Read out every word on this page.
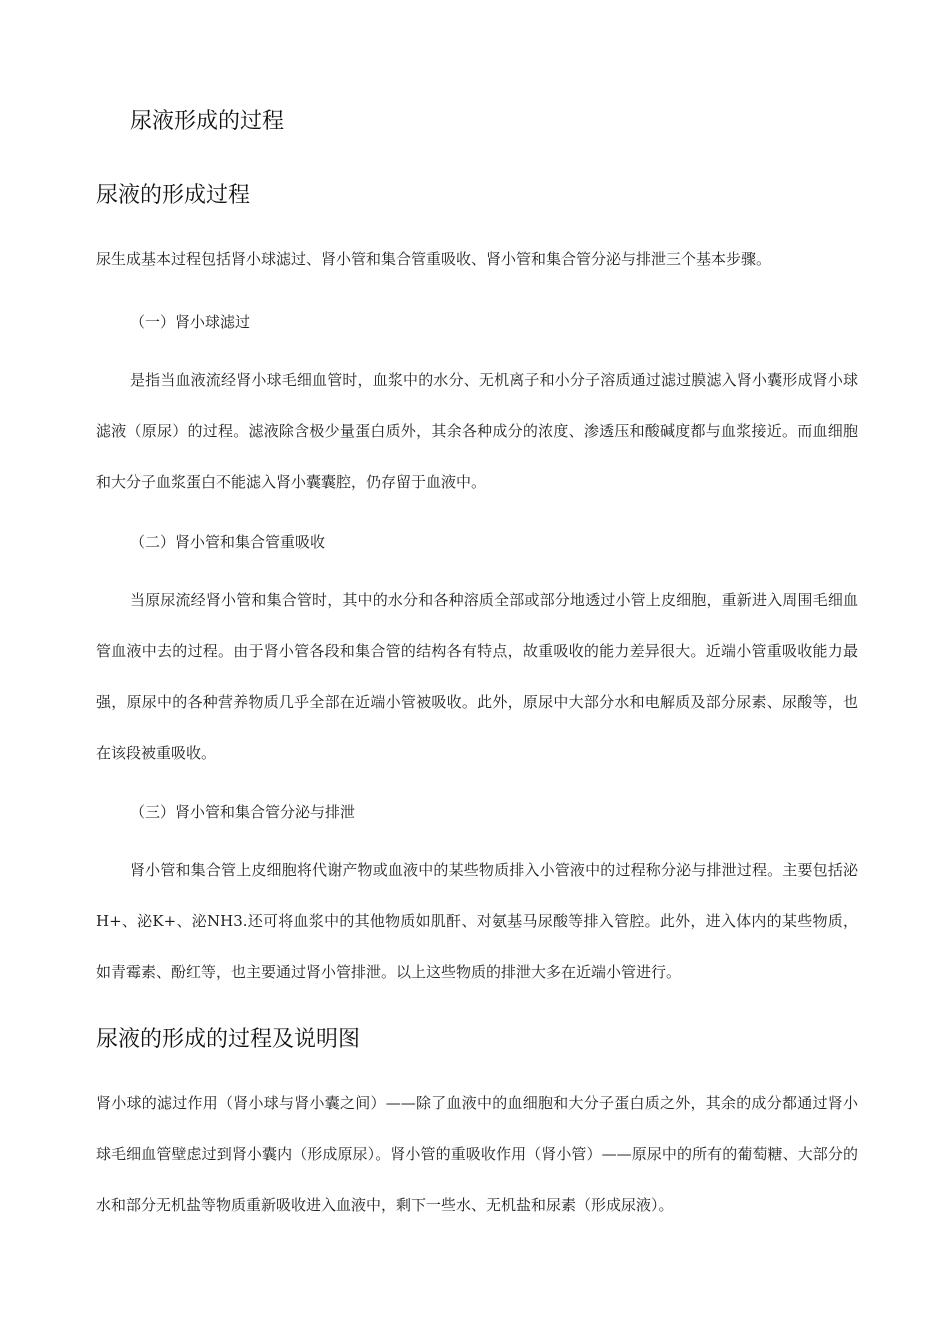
尿液形成的过程
尿液的形成过程

尿生成基本过程包括肾小球滤过、肾小管和集合管重吸收、肾小管和集合管分泌与排泄三个基本步骤。

（一）肾小球滤过

是指当血液流经肾小球毛细血管时，血浆中的水分、无机离子和小分子溶质通过滤过膜滤入肾小囊形成肾小球滤液（原尿）的过程。滤液除含极少量蛋白质外，其余各种成分的浓度、渗透压和酸碱度都与血浆接近。而血细胞和大分子血浆蛋白不能滤入肾小囊囊腔，仍存留于血液中。

（二）肾小管和集合管重吸收

当原尿流经肾小管和集合管时，其中的水分和各种溶质全部或部分地透过小管上皮细胞，重新进入周围毛细血管血液中去的过程。由于肾小管各段和集合管的结构各有特点，故重吸收的能力差异很大。近端小管重吸收能力最强，原尿中的各种营养物质几乎全部在近端小管被吸收。此外，原尿中大部分水和电解质及部分尿素、尿酸等，也在该段被重吸收。

（三）肾小管和集合管分泌与排泄

肾小管和集合管上皮细胞将代谢产物或血液中的某些物质排入小管液中的过程称分泌与排泄过程。主要包括泌H+、泌K+、泌NH3.还可将血浆中的其他物质如肌酐、对氨基马尿酸等排入管腔。此外，进入体内的某些物质，如青霉素、酚红等，也主要通过肾小管排泄。以上这些物质的排泄大多在近端小管进行。

尿液的形成的过程及说明图

肾小球的滤过作用（肾小球与肾小囊之间）——除了血液中的血细胞和大分子蛋白质之外，其余的成分都通过肾小球毛细血管壁虑过到肾小囊内（形成原尿）。肾小管的重吸收作用（肾小管）——原尿中的所有的葡萄糖、大部分的水和部分无机盐等物质重新吸收进入血液中，剩下一些水、无机盐和尿素（形成尿液）。
